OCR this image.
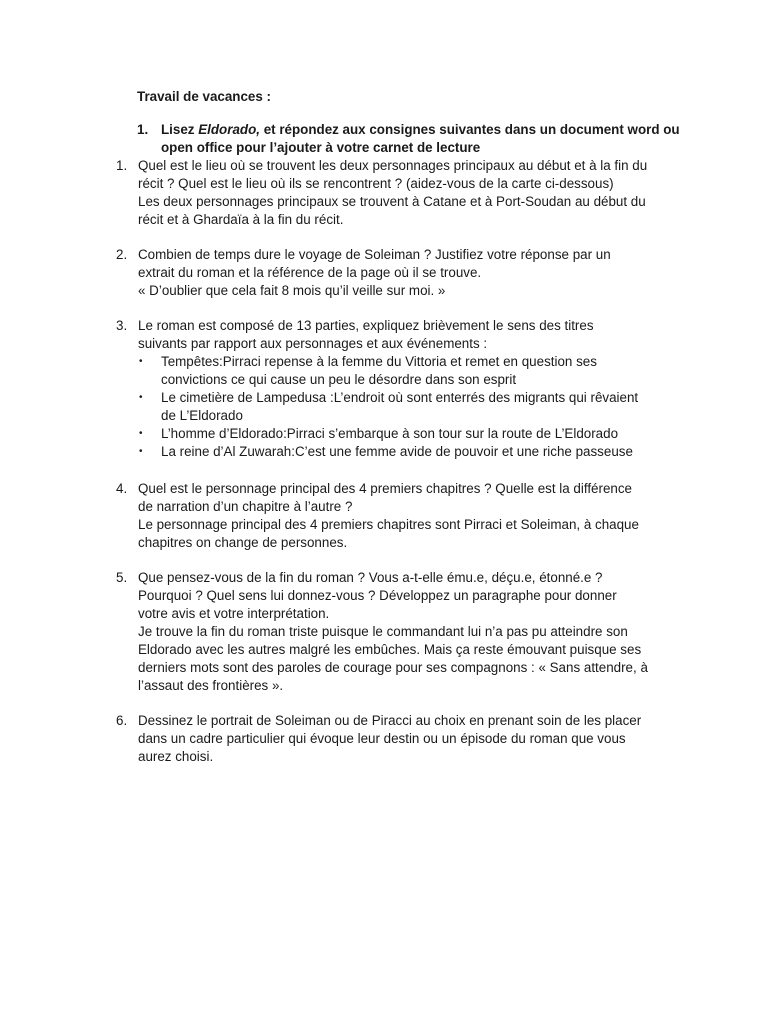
Travail de vacances :
1. Lisez Eldorado, et répondez aux consignes suivantes dans un document word ou
open office pour l’ajouter à votre carnet de lecture
1. Quel est le lieu où se trouvent les deux personnages principaux au début et à la fin du
récit ? Quel est le lieu où ils se rencontrent ? (aidez-vous de la carte ci-dessous)
Les deux personnages principaux se trouvent à Catane et à Port-Soudan au début du
récit et à Ghardaïa à la fin du récit.
2. Combien de temps dure le voyage de Soleiman ? Justifiez votre réponse par un
extrait du roman et la référence de la page où il se trouve.
« D’oublier que cela fait 8 mois qu’il veille sur moi. »
3. Le roman est composé de 13 parties, expliquez brièvement le sens des titres
suivants par rapport aux personnages et aux événements :
• Tempêtes:Pirraci repense à la femme du Vittoria et remet en question ses
convictions ce qui cause un peu le désordre dans son esprit
• Le cimetière de Lampedusa :L’endroit où sont enterrés des migrants qui rêvaient
de L’Eldorado
• L’homme d’Eldorado:Pirraci s’embarque à son tour sur la route de L’Eldorado
• La reine d’Al Zuwarah:C’est une femme avide de pouvoir et une riche passeuse
4. Quel est le personnage principal des 4 premiers chapitres ? Quelle est la différence
de narration d’un chapitre à l’autre ?
Le personnage principal des 4 premiers chapitres sont Pirraci et Soleiman, à chaque
chapitres on change de personnes.
5. Que pensez-vous de la fin du roman ? Vous a-t-elle ému.e, déçu.e, étonné.e ?
Pourquoi ? Quel sens lui donnez-vous ? Développez un paragraphe pour donner
votre avis et votre interprétation.
Je trouve la fin du roman triste puisque le commandant lui n’a pas pu atteindre son
Eldorado avec les autres malgré les embûches. Mais ça reste émouvant puisque ses
derniers mots sont des paroles de courage pour ses compagnons : « Sans attendre, à
l’assaut des frontières ».
6. Dessinez le portrait de Soleiman ou de Piracci au choix en prenant soin de les placer
dans un cadre particulier qui évoque leur destin ou un épisode du roman que vous
aurez choisi.
